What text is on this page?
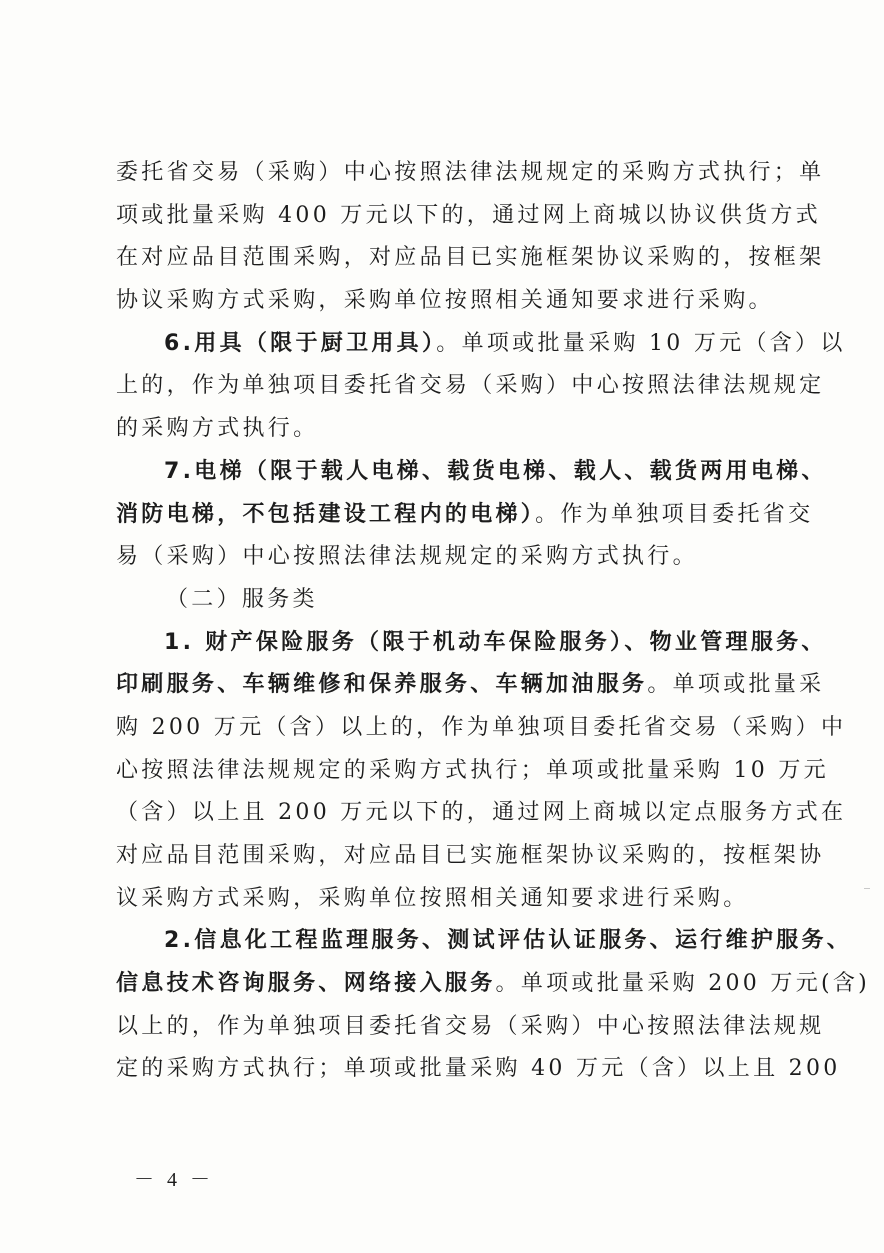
委托省交易（采购）中心按照法律法规规定的采购方式执行；单
项或批量采购 400 万元以下的，通过网上商城以协议供货方式
在对应品目范围采购，对应品目已实施框架协议采购的，按框架
协议采购方式采购，采购单位按照相关通知要求进行采购。
6.用具（限于厨卫用具）。单项或批量采购 10 万元（含）以
上的，作为单独项目委托省交易（采购）中心按照法律法规规定
的采购方式执行。
7.电梯（限于载人电梯、载货电梯、载人、载货两用电梯、
消防电梯，不包括建设工程内的电梯）。作为单独项目委托省交
易（采购）中心按照法律法规规定的采购方式执行。
（二）服务类
1. 财产保险服务（限于机动车保险服务）、物业管理服务、
印刷服务、车辆维修和保养服务、车辆加油服务。单项或批量采
购 200 万元（含）以上的，作为单独项目委托省交易（采购）中
心按照法律法规规定的采购方式执行；单项或批量采购 10 万元
（含）以上且 200 万元以下的，通过网上商城以定点服务方式在
对应品目范围采购，对应品目已实施框架协议采购的，按框架协
议采购方式采购，采购单位按照相关通知要求进行采购。
2.信息化工程监理服务、测试评估认证服务、运行维护服务、
信息技术咨询服务、网络接入服务。单项或批量采购 200 万元(含)
以上的，作为单独项目委托省交易（采购）中心按照法律法规规
定的采购方式执行；单项或批量采购 40 万元（含）以上且 200
－ 4 －
